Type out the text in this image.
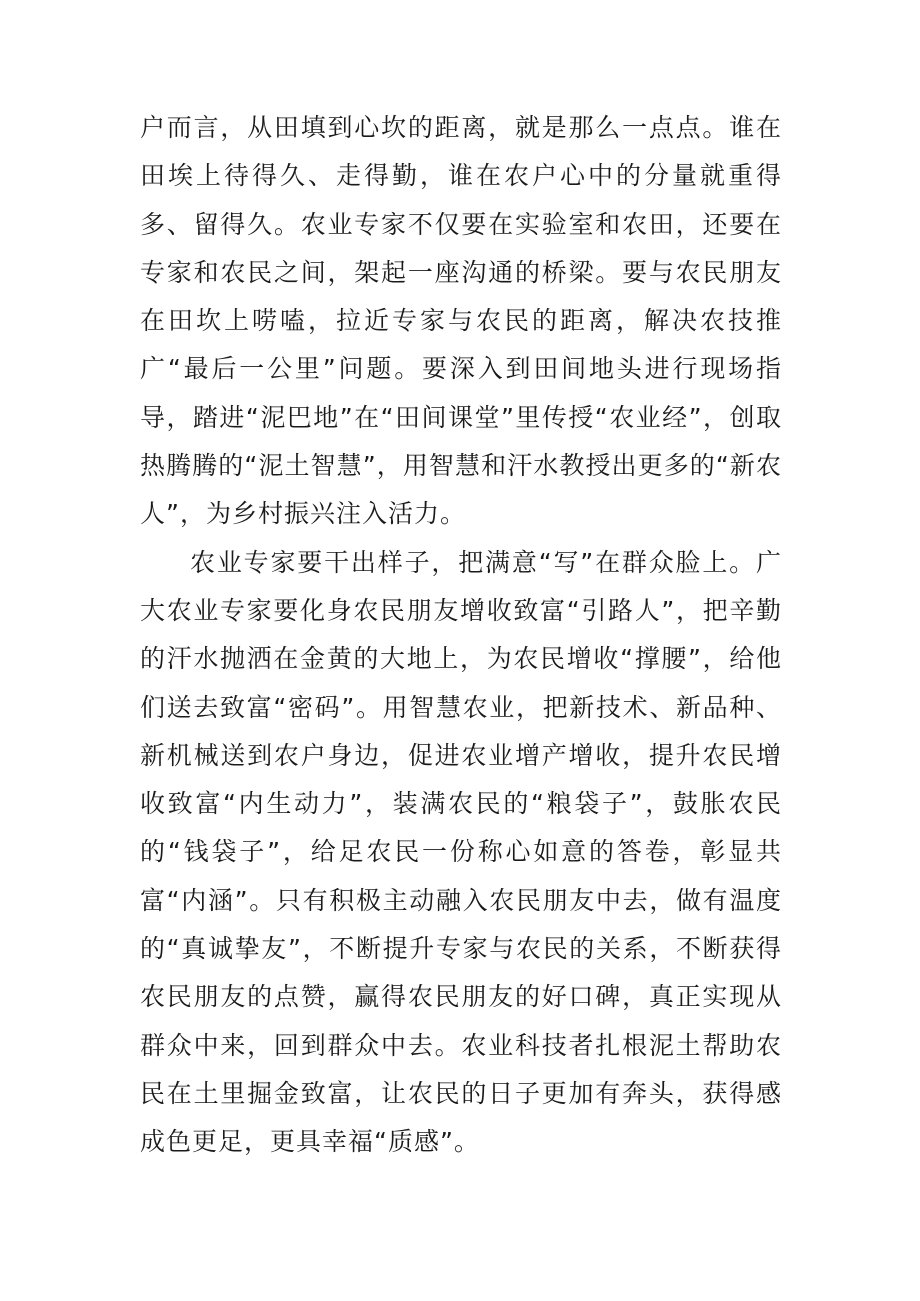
户而言，从田填到心坎的距离，就是那么一点点。谁在田埃上待得久、走得勤，谁在农户心中的分量就重得多、留得久。农业专家不仅要在实验室和农田，还要在专家和农民之间，架起一座沟通的桥梁。要与农民朋友在田坎上唠嗑，拉近专家与农民的距离，解决农技推广“最后一公里”问题。要深入到田间地头进行现场指导，踏进“泥巴地”在“田间课堂”里传授“农业经”，创取热腾腾的“泥土智慧”，用智慧和汗水教授出更多的“新农人”，为乡村振兴注入活力。

农业专家要干出样子，把满意“写”在群众脸上。广大农业专家要化身农民朋友增收致富“引路人”，把辛勤的汗水抛洒在金黄的大地上，为农民增收“撑腰”，给他们送去致富“密码”。用智慧农业，把新技术、新品种、新机械送到农户身边，促进农业增产增收，提升农民增收致富“内生动力”，装满农民的“粮袋子”，鼓胀农民的“钱袋子”，给足农民一份称心如意的答卷，彰显共富“内涵”。只有积极主动融入农民朋友中去，做有温度的“真诚挚友”，不断提升专家与农民的关系，不断获得农民朋友的点赞，赢得农民朋友的好口碑，真正实现从群众中来，回到群众中去。农业科技者扎根泥土帮助农民在土里掘金致富，让农民的日子更加有奔头，获得感成色更足，更具幸福“质感”。
